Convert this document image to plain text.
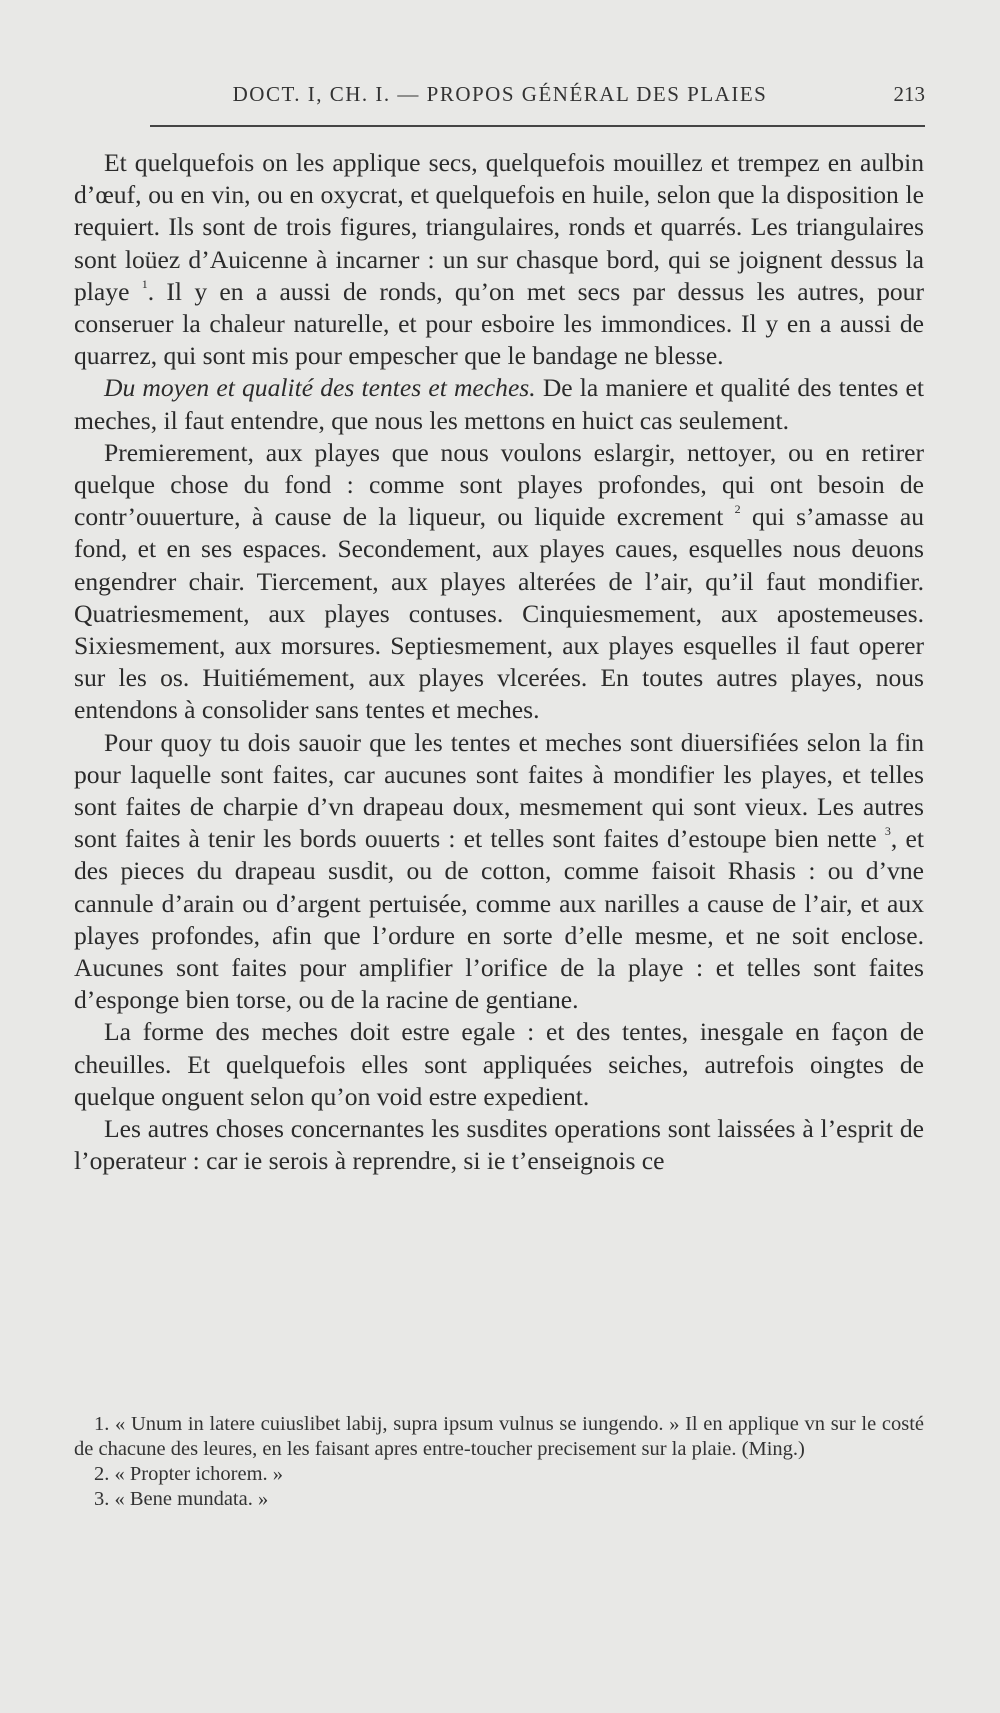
DOCT. I, CH. I. — PROPOS GÉNÉRAL DES PLAIES	213

Et quelquefois on les applique secs, quelquefois mouillez et trempez en aulbin d’œuf, ou en vin, ou en oxycrat, et quelquefois en huile, selon que la disposition le requiert. Ils sont de trois figures, triangulaires, ronds et quarrés. Les triangulaires sont loüez d’Auicenne à incarner : un sur chasque bord, qui se joignent dessus la playe $^1$. Il y en a aussi de ronds, qu’on met secs par dessus les autres, pour conseruer la chaleur naturelle, et pour esboire les immondices. Il y en a aussi de quarrez, qui sont mis pour empescher que le bandage ne blesse.

Du moyen et qualité des tentes et meches. De la maniere et qualité des tentes et meches, il faut entendre, que nous les mettons en huict cas seulement.

Premierement, aux playes que nous voulons eslargir, nettoyer, ou en retirer quelque chose du fond : comme sont playes profondes, qui ont besoin de contr’ouuerture, à cause de la liqueur, ou liquide excrement $^2$ qui s’amasse au fond, et en ses espaces. Secondement, aux playes caues, esquelles nous deuons engendrer chair. Tiercement, aux playes alterées de l’air, qu’il faut mondifier. Quatriesmement, aux playes contuses. Cinquiesmement, aux apostemeuses. Sixiesmement, aux morsures. Septiesmement, aux playes esquelles il faut operer sur les os. Huitiémement, aux playes vlcerées. En toutes autres playes, nous entendons à consolider sans tentes et meches.

Pour quoy tu dois sauoir que les tentes et meches sont diuersifiées selon la fin pour laquelle sont faites, car aucunes sont faites à mondifier les playes, et telles sont faites de charpie d’vn drapeau doux, mesmement qui sont vieux. Les autres sont faites à tenir les bords ouuerts : et telles sont faites d’estoupe bien nette $^3$, et des pieces du drapeau susdit, ou de cotton, comme faisoit Rhasis : ou d’vne cannule d’arain ou d’argent pertuisée, comme aux narilles a cause de l’air, et aux playes profondes, afin que l’ordure en sorte d’elle mesme, et ne soit enclose. Aucunes sont faites pour amplifier l’orifice de la playe : et telles sont faites d’esponge bien torse, ou de la racine de gentiane.

La forme des meches doit estre egale : et des tentes, inesgale en façon de cheuilles. Et quelquefois elles sont appliquées seiches, autrefois oingtes de quelque onguent selon qu’on void estre expedient.

Les autres choses concernantes les susdites operations sont laissées à l’esprit de l’operateur : car ie serois à reprendre, si ie t’enseignois ce

1. « Unum in latere cuiuslibet labij, supra ipsum vulnus se iungendo. » Il en applique vn sur le costé de chacune des leures, en les faisant apres entre-toucher precisement sur la plaie. (Ming.)

2. « Propter ichorem. »

3. « Bene mundata. »
